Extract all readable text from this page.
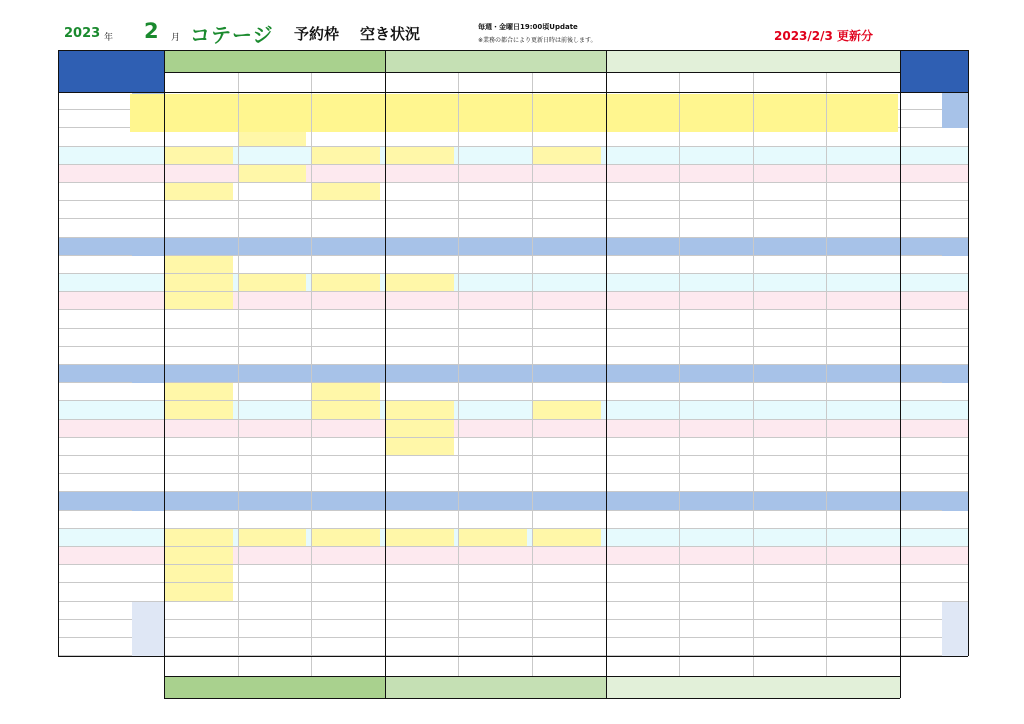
2023 年 2 月 コテージ 予約枠 空き状況	毎週・金曜日19:00頃Update
※業務の都合により更新日時は前後します。	2023/2/3 更新分
